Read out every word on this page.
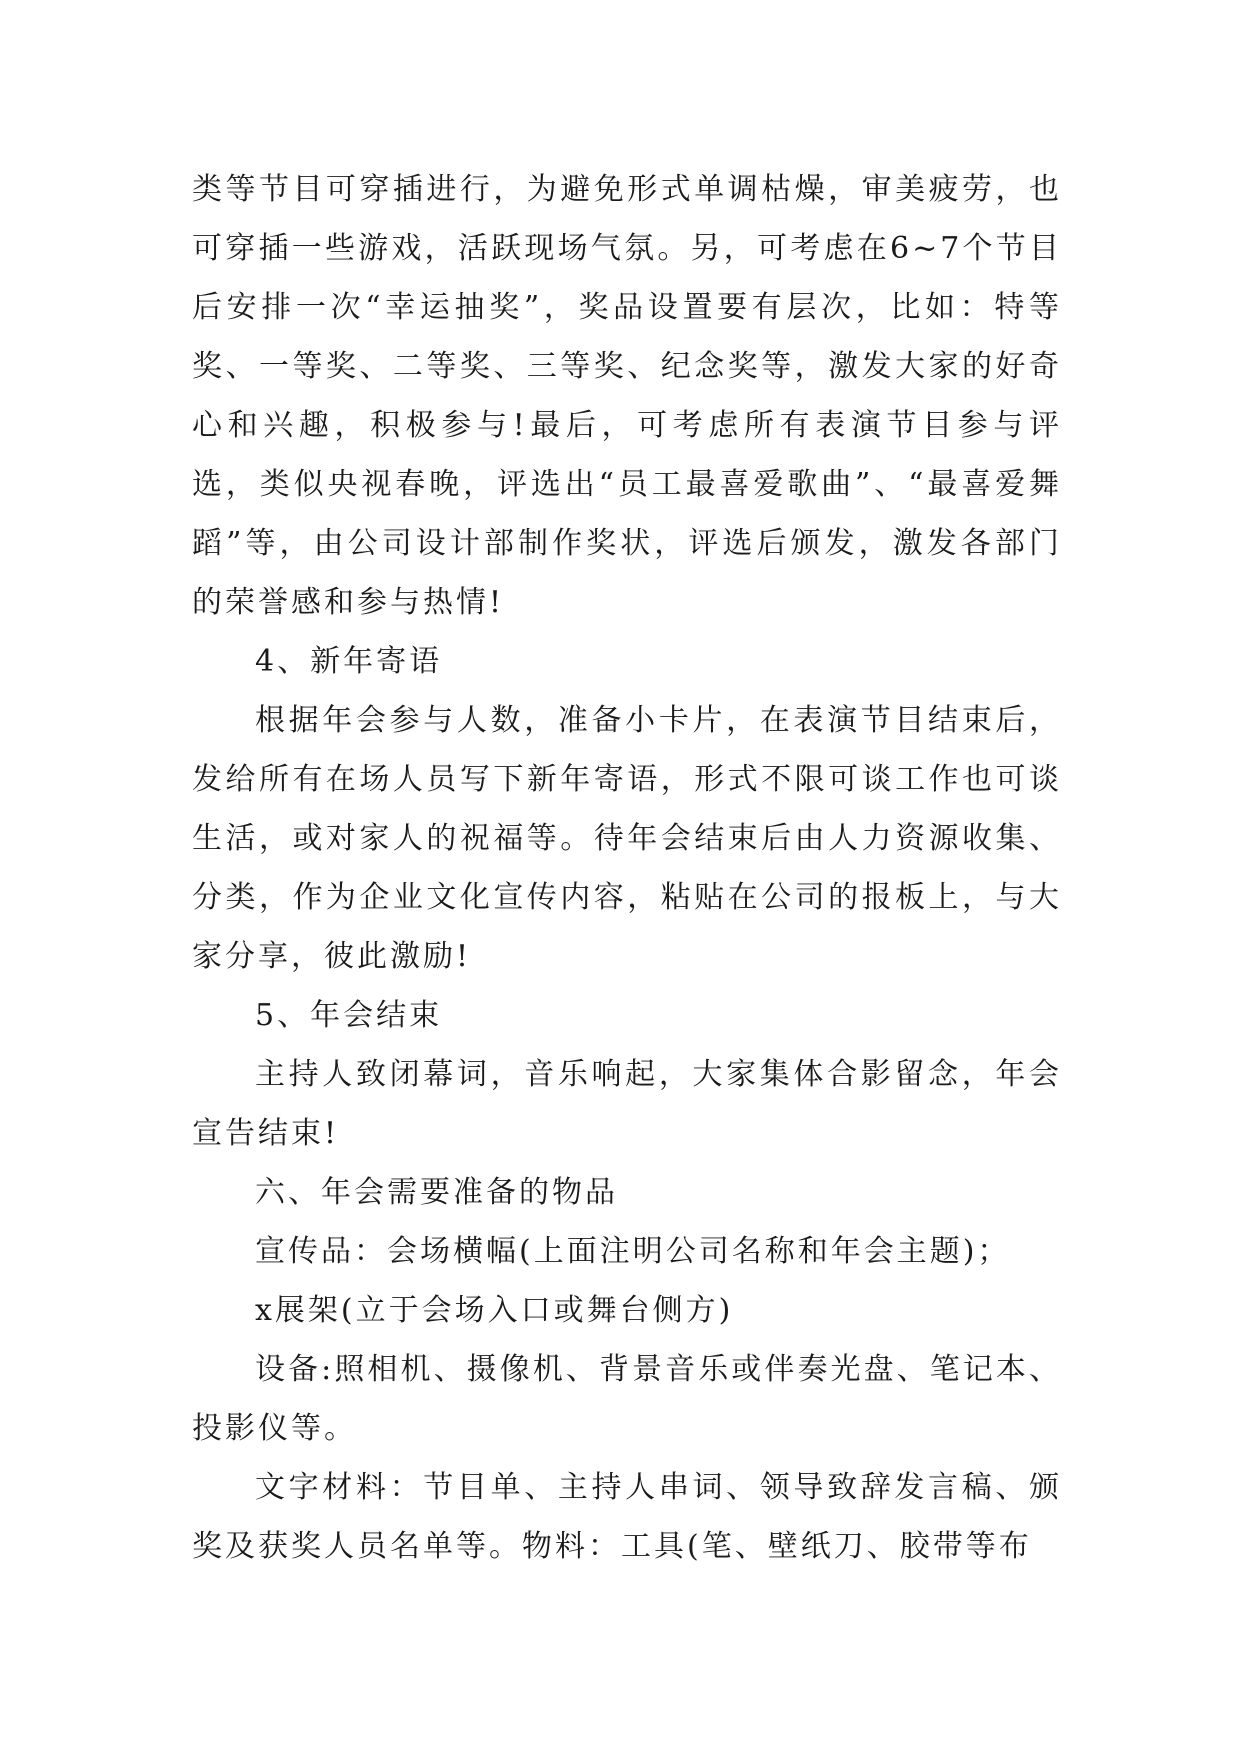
类等节目可穿插进行，为避免形式单调枯燥，审美疲劳，也可穿插一些游戏，活跃现场气氛。另，可考虑在6~7个节目后安排一次“幸运抽奖”，奖品设置要有层次，比如：特等奖、一等奖、二等奖、三等奖、纪念奖等，激发大家的好奇心和兴趣，积极参与!最后，可考虑所有表演节目参与评选，类似央视春晚，评选出“员工最喜爱歌曲”、“最喜爱舞蹈”等，由公司设计部制作奖状，评选后颁发，激发各部门的荣誉感和参与热情!

4、新年寄语

根据年会参与人数，准备小卡片，在表演节目结束后，发给所有在场人员写下新年寄语，形式不限可谈工作也可谈生活，或对家人的祝福等。待年会结束后由人力资源收集、分类，作为企业文化宣传内容，粘贴在公司的报板上，与大家分享，彼此激励!

5、年会结束

主持人致闭幕词，音乐响起，大家集体合影留念，年会宣告结束!

六、年会需要准备的物品

宣传品：会场横幅(上面注明公司名称和年会主题)；

x展架(立于会场入口或舞台侧方)

设备:照相机、摄像机、背景音乐或伴奏光盘、笔记本、投影仪等。

文字材料：节目单、主持人串词、领导致辞发言稿、颁奖及获奖人员名单等。物料：工具(笔、壁纸刀、胶带等布
